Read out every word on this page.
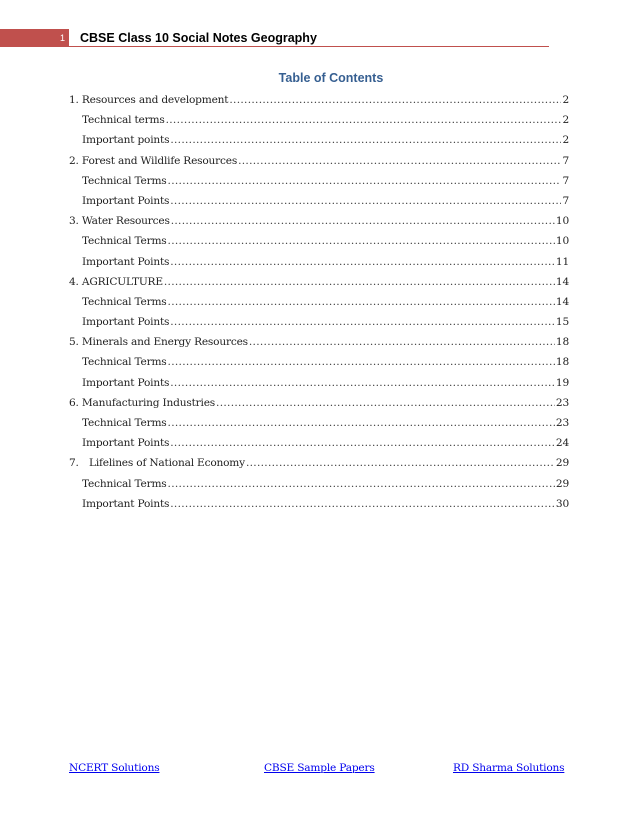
1	CBSE Class 10 Social Notes Geography
Table of Contents
1. Resources and development .....	2
Technical terms .....	2
Important points .....	2
2. Forest and Wildlife Resources .....	7
Technical Terms .....	7
Important Points .....	7
3. Water Resources .....	10
Technical Terms .....	10
Important Points .....	11
4. AGRICULTURE .....	14
Technical Terms .....	14
Important Points .....	15
5. Minerals and Energy Resources .....	18
Technical Terms .....	18
Important Points .....	19
6. Manufacturing Industries .....	23
Technical Terms .....	23
Important Points .....	24
7. Lifelines of National Economy .....	29
Technical Terms .....	29
Important Points .....	30
NCERT Solutions	CBSE Sample Papers	RD Sharma Solutions
